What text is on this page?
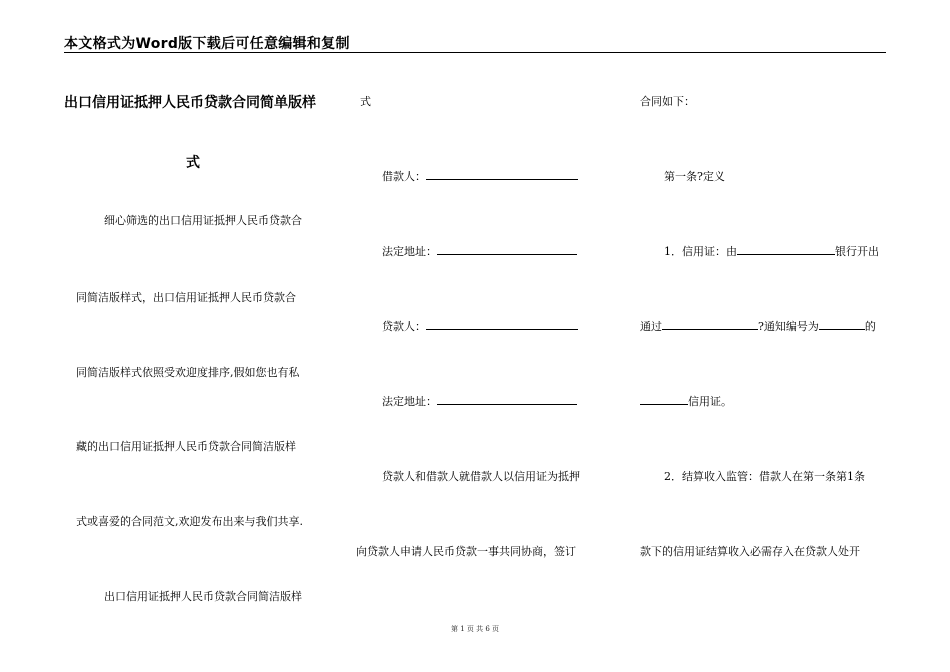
本文格式为Word版下载后可任意编辑和复制
出口信用证抵押人民币贷款合同简单版样
式
细心筛选的出口信用证抵押人民币贷款合
同简洁版样式，出口信用证抵押人民币贷款合
同简洁版样式依照受欢迎度排序,假如您也有私
藏的出口信用证抵押人民币贷款合同简洁版样
式或喜爱的合同范文,欢迎发布出来与我们共享.
出口信用证抵押人民币贷款合同简洁版样
式
借款人：
法定地址：
贷款人：
法定地址：
贷款人和借款人就借款人以信用证为抵押
向贷款人申请人民币贷款一事共同协商，签订
合同如下：
第一条?定义
1．信用证：由	银行开出
通过	?通知编号为	的
信用证。
2．结算收入监管：借款人在第一条第1条
款下的信用证结算收入必需存入在贷款人处开
第 1 页 共 6 页
